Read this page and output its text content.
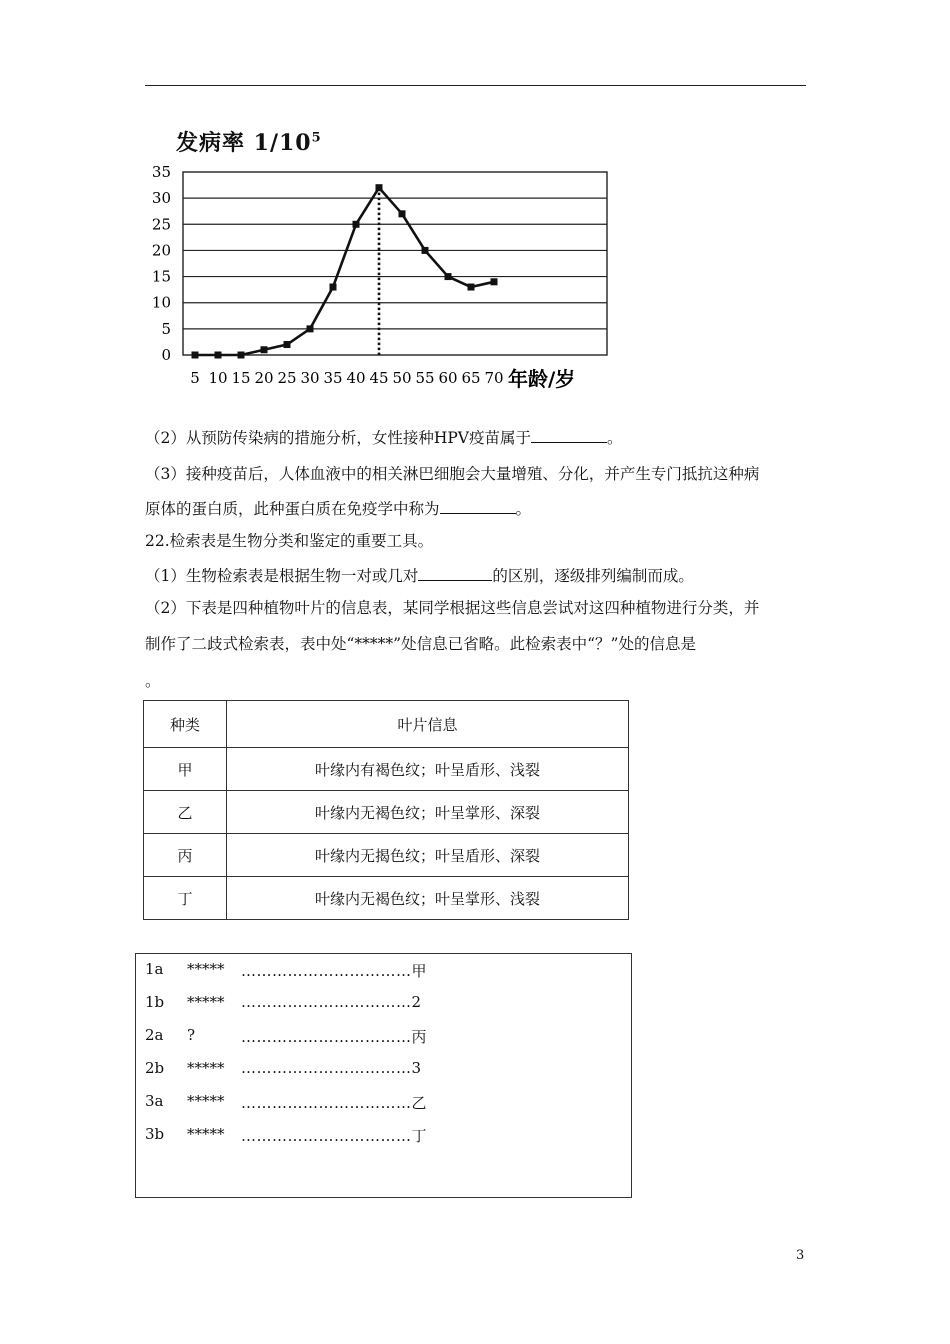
发病率 $1/10^5$
0
5
10
15
20
25
30
35
5 10 15 20 25 30 35 40 45 50 55 60 65 70 年龄/岁
（2）从预防传染病的措施分析，女性接种HPV疫苗属于	。
（3）接种疫苗后，人体血液中的相关淋巴细胞会大量增殖、分化，并产生专门抵抗这种病
原体的蛋白质，此种蛋白质在免疫学中称为	。
22.检索表是生物分类和鉴定的重要工具。
（1）生物检索表是根据生物一对或几对	的区别，逐级排列编制而成。
（2）下表是四种植物叶片的信息表，某同学根据这些信息尝试对这四种植物进行分类，并
制作了二歧式检索表，表中处“*****”处信息已省略。此检索表中“？”处的信息是
。
种类	叶片信息
甲	叶缘内有褐色纹；叶呈盾形、浅裂
乙	叶缘内无褐色纹；叶呈掌形、深裂
丙	叶缘内无揭色纹；叶呈盾形、深裂
丁	叶缘内无褐色纹；叶呈掌形、浅裂
1a ***** ……………………………甲
1b ***** ……………………………2
2a ?	……………………………丙
2b ***** ……………………………3
3a ***** ……………………………乙
3b ***** ……………………………丁
3
